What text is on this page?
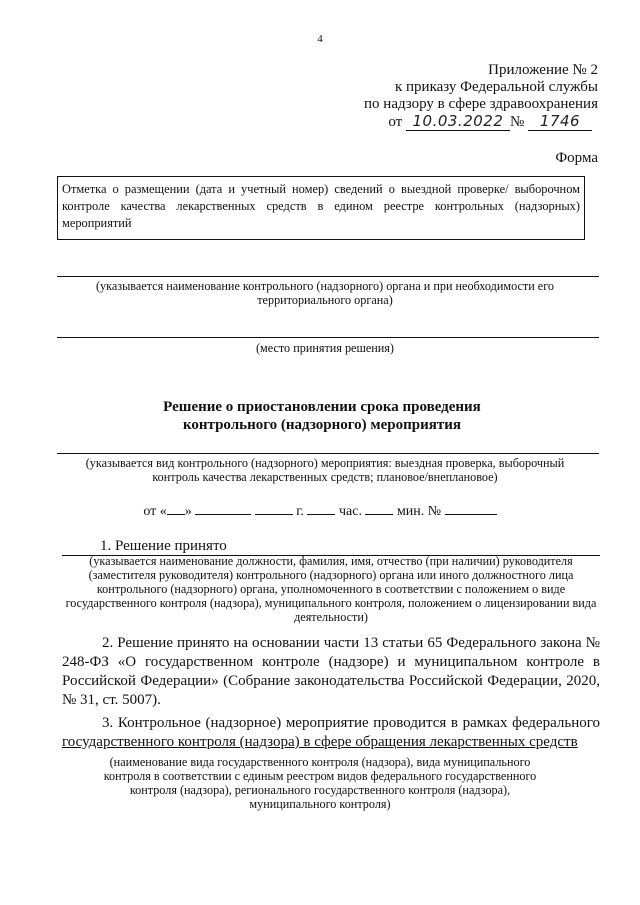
4
Приложение № 2
к приказу Федеральной службы
по надзору в сфере здравоохранения
от 10.03.2022 № 1746
Форма
Отметка о размещении (дата и учетный номер) сведений о выездной проверке/ выборочном контроле качества лекарственных средств в едином реестре контрольных (надзорных) мероприятий
(указывается наименование контрольного (надзорного) органа и при необходимости его территориального органа)
(место принятия решения)
Решение о приостановлении срока проведения
контрольного (надзорного) мероприятия
(указывается вид контрольного (надзорного) мероприятия: выездная проверка, выборочный контроль качества лекарственных средств; плановое/внеплановое)
от « »	г.	час.	мин. №
1. Решение принято
(указывается наименование должности, фамилия, имя, отчество (при наличии) руководителя (заместителя руководителя) контрольного (надзорного) органа или иного должностного лица контрольного (надзорного) органа, уполномоченного в соответствии с положением о виде государственного контроля (надзора), муниципального контроля, положением о лицензировании вида деятельности)
2. Решение принято на основании части 13 статьи 65 Федерального закона № 248-ФЗ «О государственном контроле (надзоре) и муниципальном контроле в Российской Федерации» (Собрание законодательства Российской Федерации, 2020, № 31, ст. 5007).
3. Контрольное (надзорное) мероприятие проводится в рамках федерального государственного контроля (надзора) в сфере обращения лекарственных средств
(наименование вида государственного контроля (надзора), вида муниципального контроля в соответствии с единым реестром видов федерального государственного контроля (надзора), регионального государственного контроля (надзора), муниципального контроля)
